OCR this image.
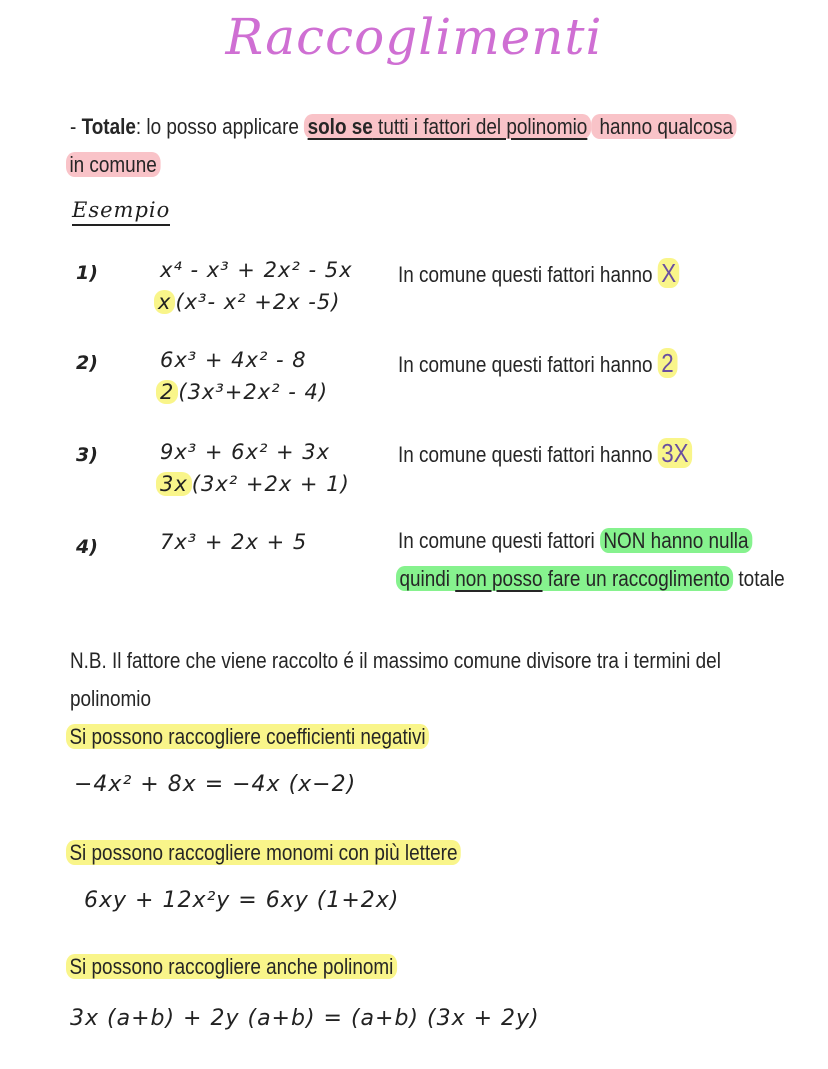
Raccoglimenti
- Totale: lo posso applicare solo se tutti i fattori del polinomio hanno qualcosa
in comune
Esempio
1)	x⁴ - x³ + 2x² - 5x
x (x³- x² +2x -5)
In comune questi fattori hanno X
2)	6x³ + 4x² - 8
2 (3x³+2x² - 4)
In comune questi fattori hanno 2
3)	9x³ + 6x² + 3x
3x (3x² +2x + 1)
In comune questi fattori hanno 3X
4)	7x³ + 2x + 5	In comune questi fattori NON hanno nulla
quindi non posso fare un raccoglimento totale
N.B. Il fattore che viene raccolto é il massimo comune divisore tra i termini del
polinomio
Si possono raccogliere coefficienti negativi
−4x² + 8x = −4x (x−2)
Si possono raccogliere monomi con più lettere
6xy + 12x²y = 6xy (1+2x)
Si possono raccogliere anche polinomi
3x (a+b) + 2y (a+b) = (a+b) (3x + 2y)
